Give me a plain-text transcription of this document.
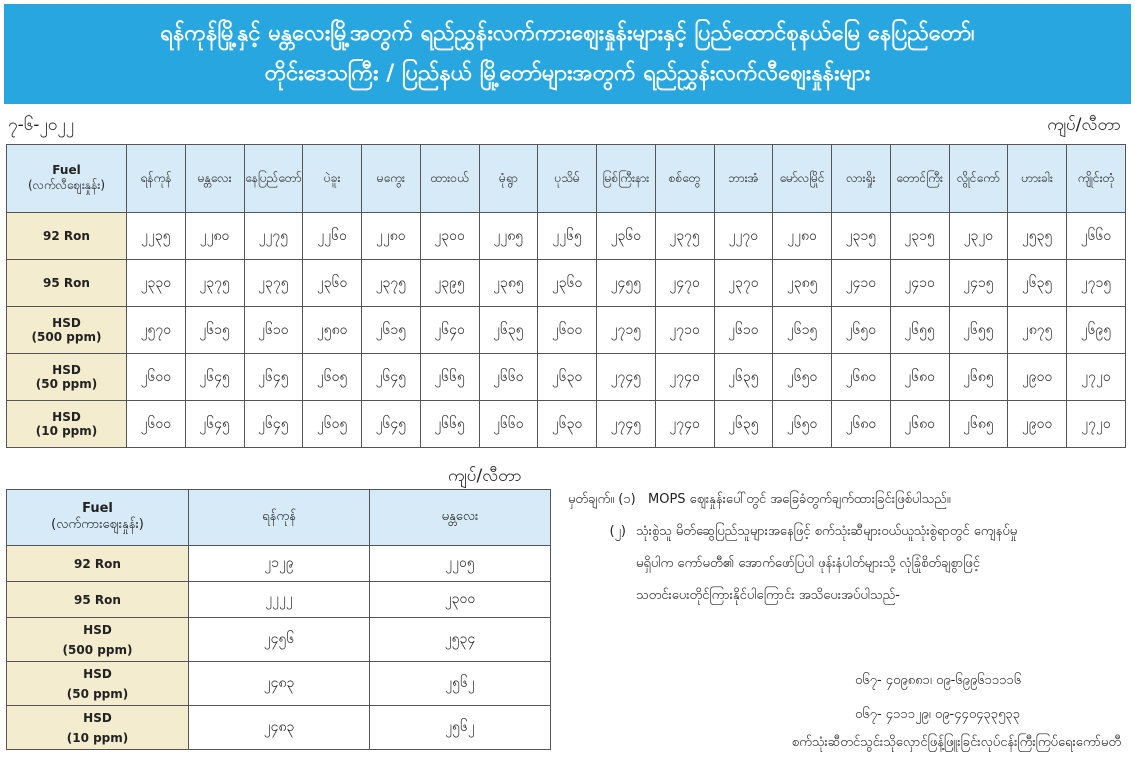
ရန်ကုန်မြို့နှင့် မန္တလေးမြို့အတွက် ရည်ညွှန်းလက်ကားဈေးနှုန်းများနှင့် ပြည်ထောင်စုနယ်မြေ နေပြည်တော်၊
တိုင်းဒေသကြီး / ပြည်နယ် မြို့တော်များအတွက် ရည်ညွှန်းလက်လီဈေးနှုန်းများ
၇-၆-၂၀၂၂	ကျပ်/လီတာ
Fuel
(လက်လီဈေးနှုန်း)	ရန်ကုန်	မန္တလေး	နေပြည်တော်	ပဲခူး	မကွေး	ထားဝယ်	မုံရွာ	ပုသိမ်	မြစ်ကြီးနား	စစ်တွေ	ဘားအံ	မော်လမြိုင်	လားရှိုး	တောင်ကြီး	လွိုင်ကော်	ဟားခါး	ကျိုင်းတုံ

92 Ron	၂၂၃၅	၂၂၈၀	၂၂၇၅	၂၂၆၀	၂၂၈၀	၂၃၀၀	၂၂၈၅	၂၂၆၅	၂၃၆၀	၂၃၇၅	၂၂၇၀	၂၂၈၀	၂၃၁၅	၂၃၁၅	၂၃၂၀	၂၅၃၅	၂၆၆၀

95 Ron	၂၃၃၀	၂၃၇၅	၂၃၇၅	၂၃၆၀	၂၃၇၅	၂၃၉၅	၂၃၈၅	၂၃၆၀	၂၄၅၅	၂၄၇၀	၂၃၇၀	၂၃၈၅	၂၄၁၀	၂၄၁၀	၂၄၁၅	၂၆၃၅	၂၇၁၅

HSD
(500 ppm)	၂၅၇၀	၂၆၁၅	၂၆၁၀	၂၅၈၀	၂၆၁၅	၂၆၄၀	၂၆၃၅	၂၆၀၀	၂၇၁၅	၂၇၁၀	၂၆၁၀	၂၆၁၅	၂၆၅၀	၂၆၅၅	၂၆၅၅	၂၈၇၅	၂၆၉၅

HSD
(50 ppm)	၂၆၀၀	၂၆၄၅	၂၆၄၅	၂၆၀၅	၂၆၄၅	၂၆၆၅	၂၆၆၀	၂၆၃၀	၂၇၄၅	၂၇၄၀	၂၆၃၅	၂၆၅၀	၂၆၈၀	၂၆၈၀	၂၆၈၅	၂၉၀၀	၂၇၂၀

HSD
(10 ppm)	၂၆၀၀	၂၆၄၅	၂၆၄၅	၂၆၀၅	၂၆၄၅	၂၆၆၅	၂၆၆၀	၂၆၃၀	၂၇၄၅	၂၇၄၀	၂၆၃၅	၂၆၅၀	၂၆၈၀	၂၆၈၀	၂၆၈၅	၂၉၀၀	၂၇၂၀
ကျပ်/လီတာ
Fuel
(လက်ကားဈေးနှုန်း)	ရန်ကုန်	မန္တလေး

92 Ron	၂၁၂၉	၂၂၀၅

95 Ron	၂၂၂၂	၂၃၀၀

HSD
(500 ppm)	၂၄၅၆	၂၅၃၄

HSD
(50 ppm)	၂၄၈၃	၂၅၆၂

HSD
(10 ppm)	၂၄၈၃	၂၅၆၂
မှတ်ချက်။ (၁) MOPS ဈေးနှုန်းပေါ်တွင် အခြေခံတွက်ချက်ထားခြင်းဖြစ်ပါသည်။
(၂) သုံးစွဲသူ မိတ်ဆွေပြည်သူများအနေဖြင့် စက်သုံးဆီများဝယ်ယူသုံးစွဲရာတွင် ကျေနပ်မှု
မရှိပါက ကော်မတီ၏ အောက်ဖော်ပြပါ ဖုန်းနံပါတ်များသို့ လုံခြုံစိတ်ချစွာဖြင့်
သတင်းပေးတိုင်ကြားနိုင်ပါကြောင်း အသိပေးအပ်ပါသည်-
၀၆၇- ၄၀၉၈၈၁၊ ၀၉-၆၉၉၆၁၁၁၁၆
၀၆၇- ၄၁၁၁၂၉၊ ၀၉-၄၄၀၄၃၃၅၃၃
စက်သုံးဆီတင်သွင်းသိုလှောင်ဖြန့်ဖြူးခြင်းလုပ်ငန်းကြီးကြပ်ရေးကော်မတီ
